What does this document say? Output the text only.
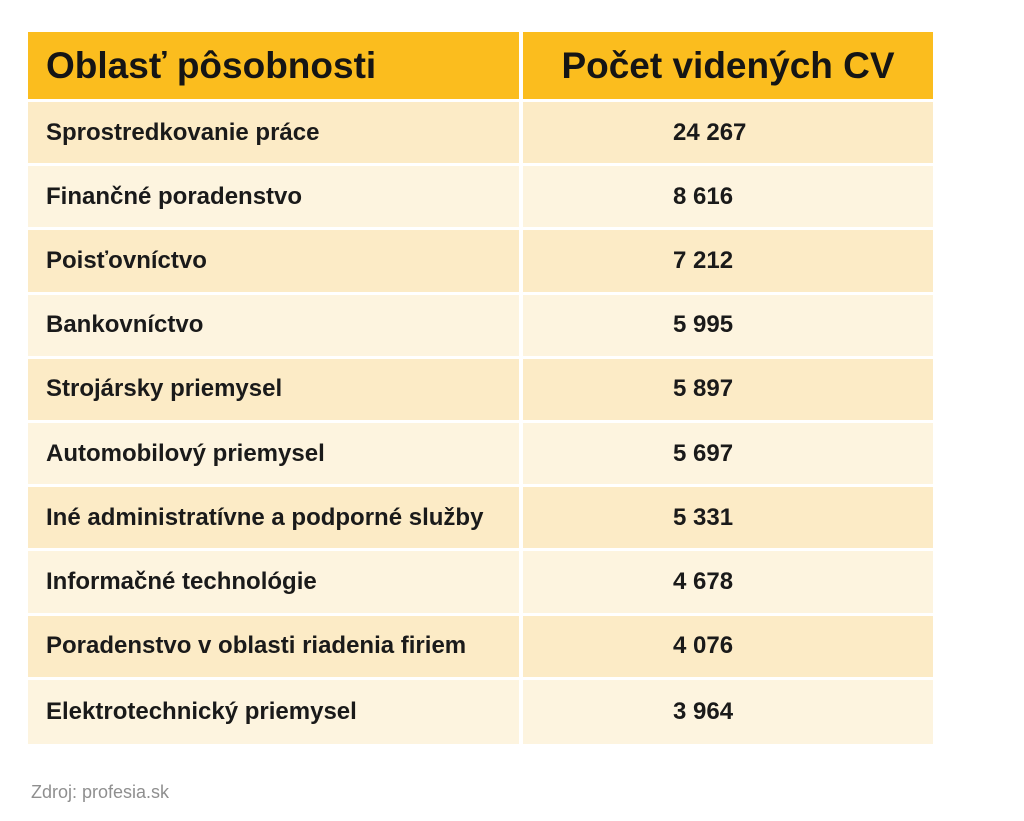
Oblasť pôsobnosti	Počet videných CV
Sprostredkovanie práce	24 267
Finančné poradenstvo	8 616
Poisťovníctvo	7 212
Bankovníctvo	5 995
Strojársky priemysel	5 897
Automobilový priemysel	5 697
Iné administratívne a podporné služby	5 331
Informačné technológie	4 678
Poradenstvo v oblasti riadenia firiem	4 076
Elektrotechnický priemysel	3 964
Zdroj: profesia.sk
